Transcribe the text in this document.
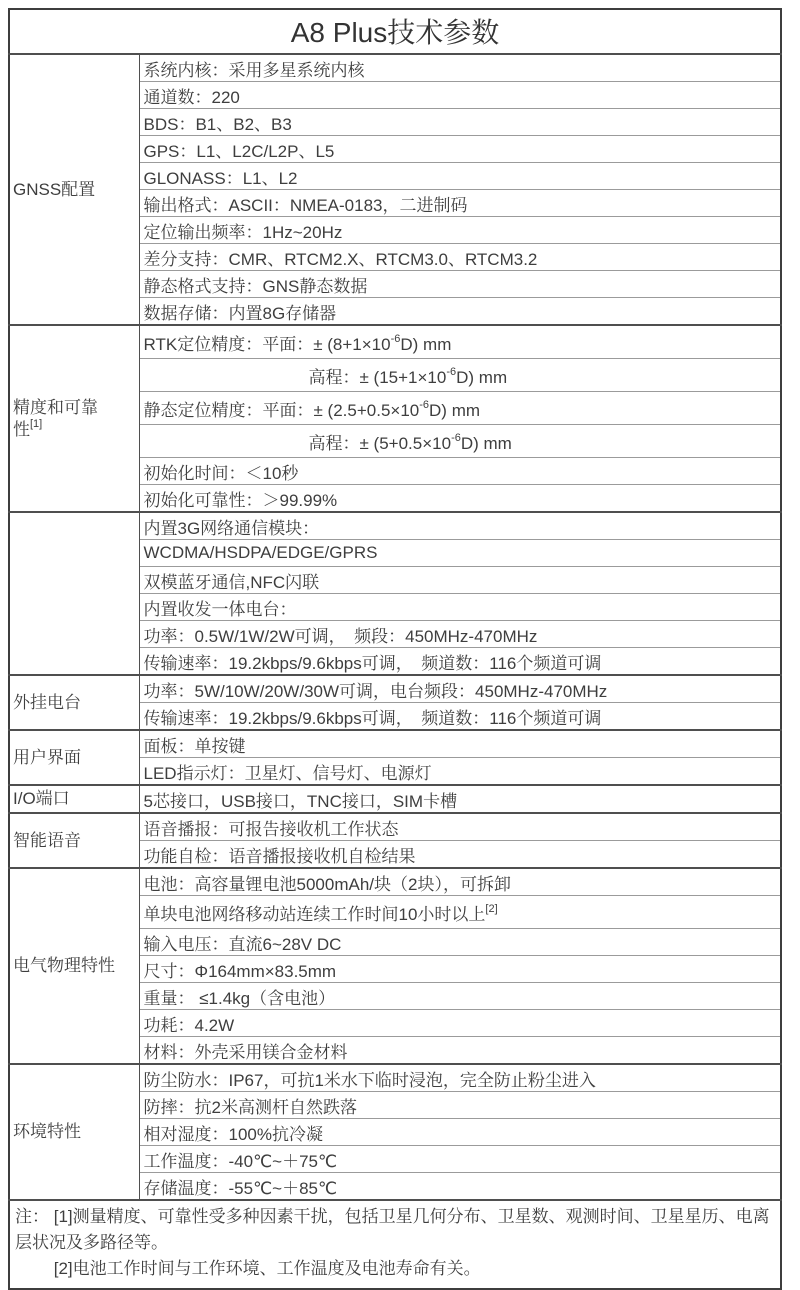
A8 Plus技术参数	
GNSS配置	系统内核：采用多星系统内核
	通道数：220
	BDS：B1、B2、B3
	GPS：L1、L2C/L2P、L5
	GLONASS：L1、L2
	输出格式：ASCII：NMEA-0183，二进制码
	定位输出频率：1Hz~20Hz
	差分支持：CMR、RTCM2.X、RTCM3.0、RTCM3.2
	静态格式支持：GNS静态数据
	数据存储：内置8G存储器
精度和可靠
性[1]	RTK定位精度：平面：± $(8+1\times 10^{-6}D)$ mm
	高程：± $(15+1\times 10^{-6}D)$ mm
	静态定位精度：平面：± $(2.5+0.5\times 10^{-6}D)$ mm
	高程：± $(5+0.5\times 10^{-6}D)$ mm
	初始化时间：＜10秒
	初始化可靠性：＞99.99%
	内置3G网络通信模块：
	WCDMA/HSDPA/EDGE/GPRS
	双模蓝牙通信,NFC闪联
	内置收发一体电台：
	功率：0.5W/1W/2W可调，　频段：450MHz-470MHz
	传输速率：19.2kbps/9.6kbps可调，　频道数：116个频道可调
外挂电台	功率：5W/10W/20W/30W可调，电台频段：450MHz-470MHz
	传输速率：19.2kbps/9.6kbps可调，　频道数：116个频道可调
用户界面	面板：单按键
	LED指示灯：卫星灯、信号灯、电源灯
I/O端口	5芯接口，USB接口，TNC接口，SIM卡槽
智能语音	语音播报：可报告接收机工作状态
	功能自检：语音播报接收机自检结果
电气物理特性	电池：高容量锂电池5000mAh/块（2块），可拆卸
	单块电池网络移动站连续工作时间10小时以上[2]
	输入电压：直流6~28V DC
	尺寸：Φ164mm×83.5mm
	重量： ≤1.4kg（含电池）
	功耗：4.2W
	材料：外壳采用镁合金材料
环境特性	防尘防水：IP67，可抗1米水下临时浸泡，完全防止粉尘进入
	防摔：抗2米高测杆自然跌落
	相对湿度：100%抗冷凝
	工作温度：-40℃~＋75℃
	存储温度：-55℃~＋85℃

注： [1]测量精度、可靠性受多种因素干扰，包括卫星几何分布、卫星数、观测时间、卫星星历、电离层状况及多路径等。
　　 [2]电池工作时间与工作环境、工作温度及电池寿命有关。	
